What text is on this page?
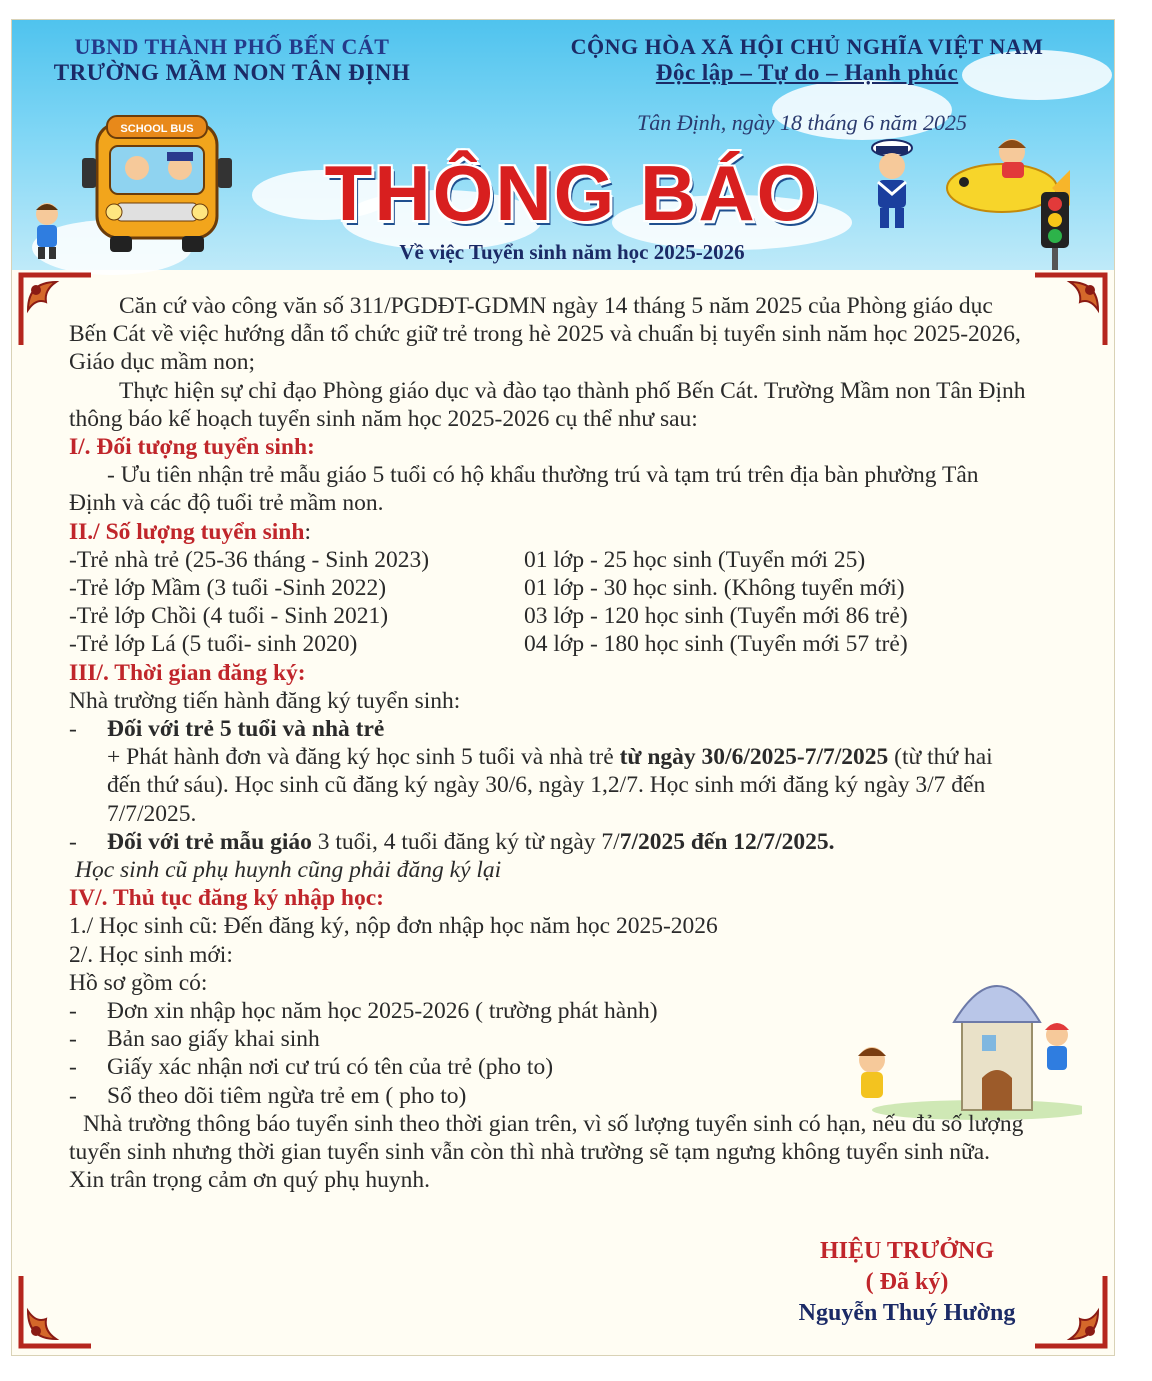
UBND THÀNH PHỐ BẾN CÁT
TRƯỜNG MẦM NON TÂN ĐỊNH
CỘNG HÒA XÃ HỘI CHỦ NGHĨA VIỆT NAM
Độc lập – Tự do – Hạnh phúc
Tân Định, ngày 18 tháng 6 năm 2025
SCHOOL BUS
THÔNG BÁO
Về việc Tuyển sinh năm học 2025-2026

Căn cứ vào công văn số 311/PGDĐT-GDMN ngày 14 tháng 5 năm 2025 của Phòng giáo dục Bến Cát về việc hướng dẫn tổ chức giữ trẻ trong hè 2025 và chuẩn bị tuyển sinh năm học 2025-2026, Giáo dục mầm non;

Thực hiện sự chỉ đạo Phòng giáo dục và đào tạo thành phố Bến Cát. Trường Mầm non Tân Định thông báo kế hoạch tuyển sinh năm học 2025-2026 cụ thể như sau:

I/. Đối tượng tuyển sinh:

- Ưu tiên nhận trẻ mẫu giáo 5 tuổi có hộ khẩu thường trú và tạm trú trên địa bàn phường Tân Định và các độ tuổi trẻ mầm non.

II./ Số lượng tuyển sinh:

-Trẻ nhà trẻ (25-36 tháng - Sinh 2023)	01 lớp - 25 học sinh (Tuyển mới 25)
-Trẻ lớp Mầm (3 tuổi -Sinh 2022)	01 lớp - 30 học sinh. (Không tuyển mới)
-Trẻ lớp Chồi (4 tuổi - Sinh 2021)	03 lớp - 120 học sinh (Tuyển mới 86 trẻ)
-Trẻ lớp Lá (5 tuổi- sinh 2020)	04 lớp - 180 học sinh (Tuyển mới 57 trẻ)

III/. Thời gian đăng ký:

Nhà trường tiến hành đăng ký tuyển sinh:

- Đối với trẻ 5 tuổi và nhà trẻ

+ Phát hành đơn và đăng ký học sinh 5 tuổi và nhà trẻ từ ngày 30/6/2025-7/7/2025 (từ thứ hai đến thứ sáu). Học sinh cũ đăng ký ngày 30/6, ngày 1,2/7. Học sinh mới đăng ký ngày 3/7 đến 7/7/2025.

- Đối với trẻ mẫu giáo 3 tuổi, 4 tuổi đăng ký từ ngày 7/7/2025 đến 12/7/2025.

Học sinh cũ phụ huynh cũng phải đăng ký lại

IV/. Thủ tục đăng ký nhập học:

1./ Học sinh cũ: Đến đăng ký, nộp đơn nhập học năm học 2025-2026

2/. Học sinh mới:

Hồ sơ gồm có:

- Đơn xin nhập học năm học 2025-2026 ( trường phát hành)
- Bản sao giấy khai sinh
- Giấy xác nhận nơi cư trú có tên của trẻ (pho to)
- Sổ theo dõi tiêm ngừa trẻ em ( pho to)

Nhà trường thông báo tuyển sinh theo thời gian trên, vì số lượng tuyển sinh có hạn, nếu đủ số lượng tuyển sinh nhưng thời gian tuyển sinh vẫn còn thì nhà trường sẽ tạm ngưng không tuyển sinh nữa. Xin trân trọng cảm ơn quý phụ huynh.

HIỆU TRƯỞNG
( Đã ký)
Nguyễn Thuý Hường
